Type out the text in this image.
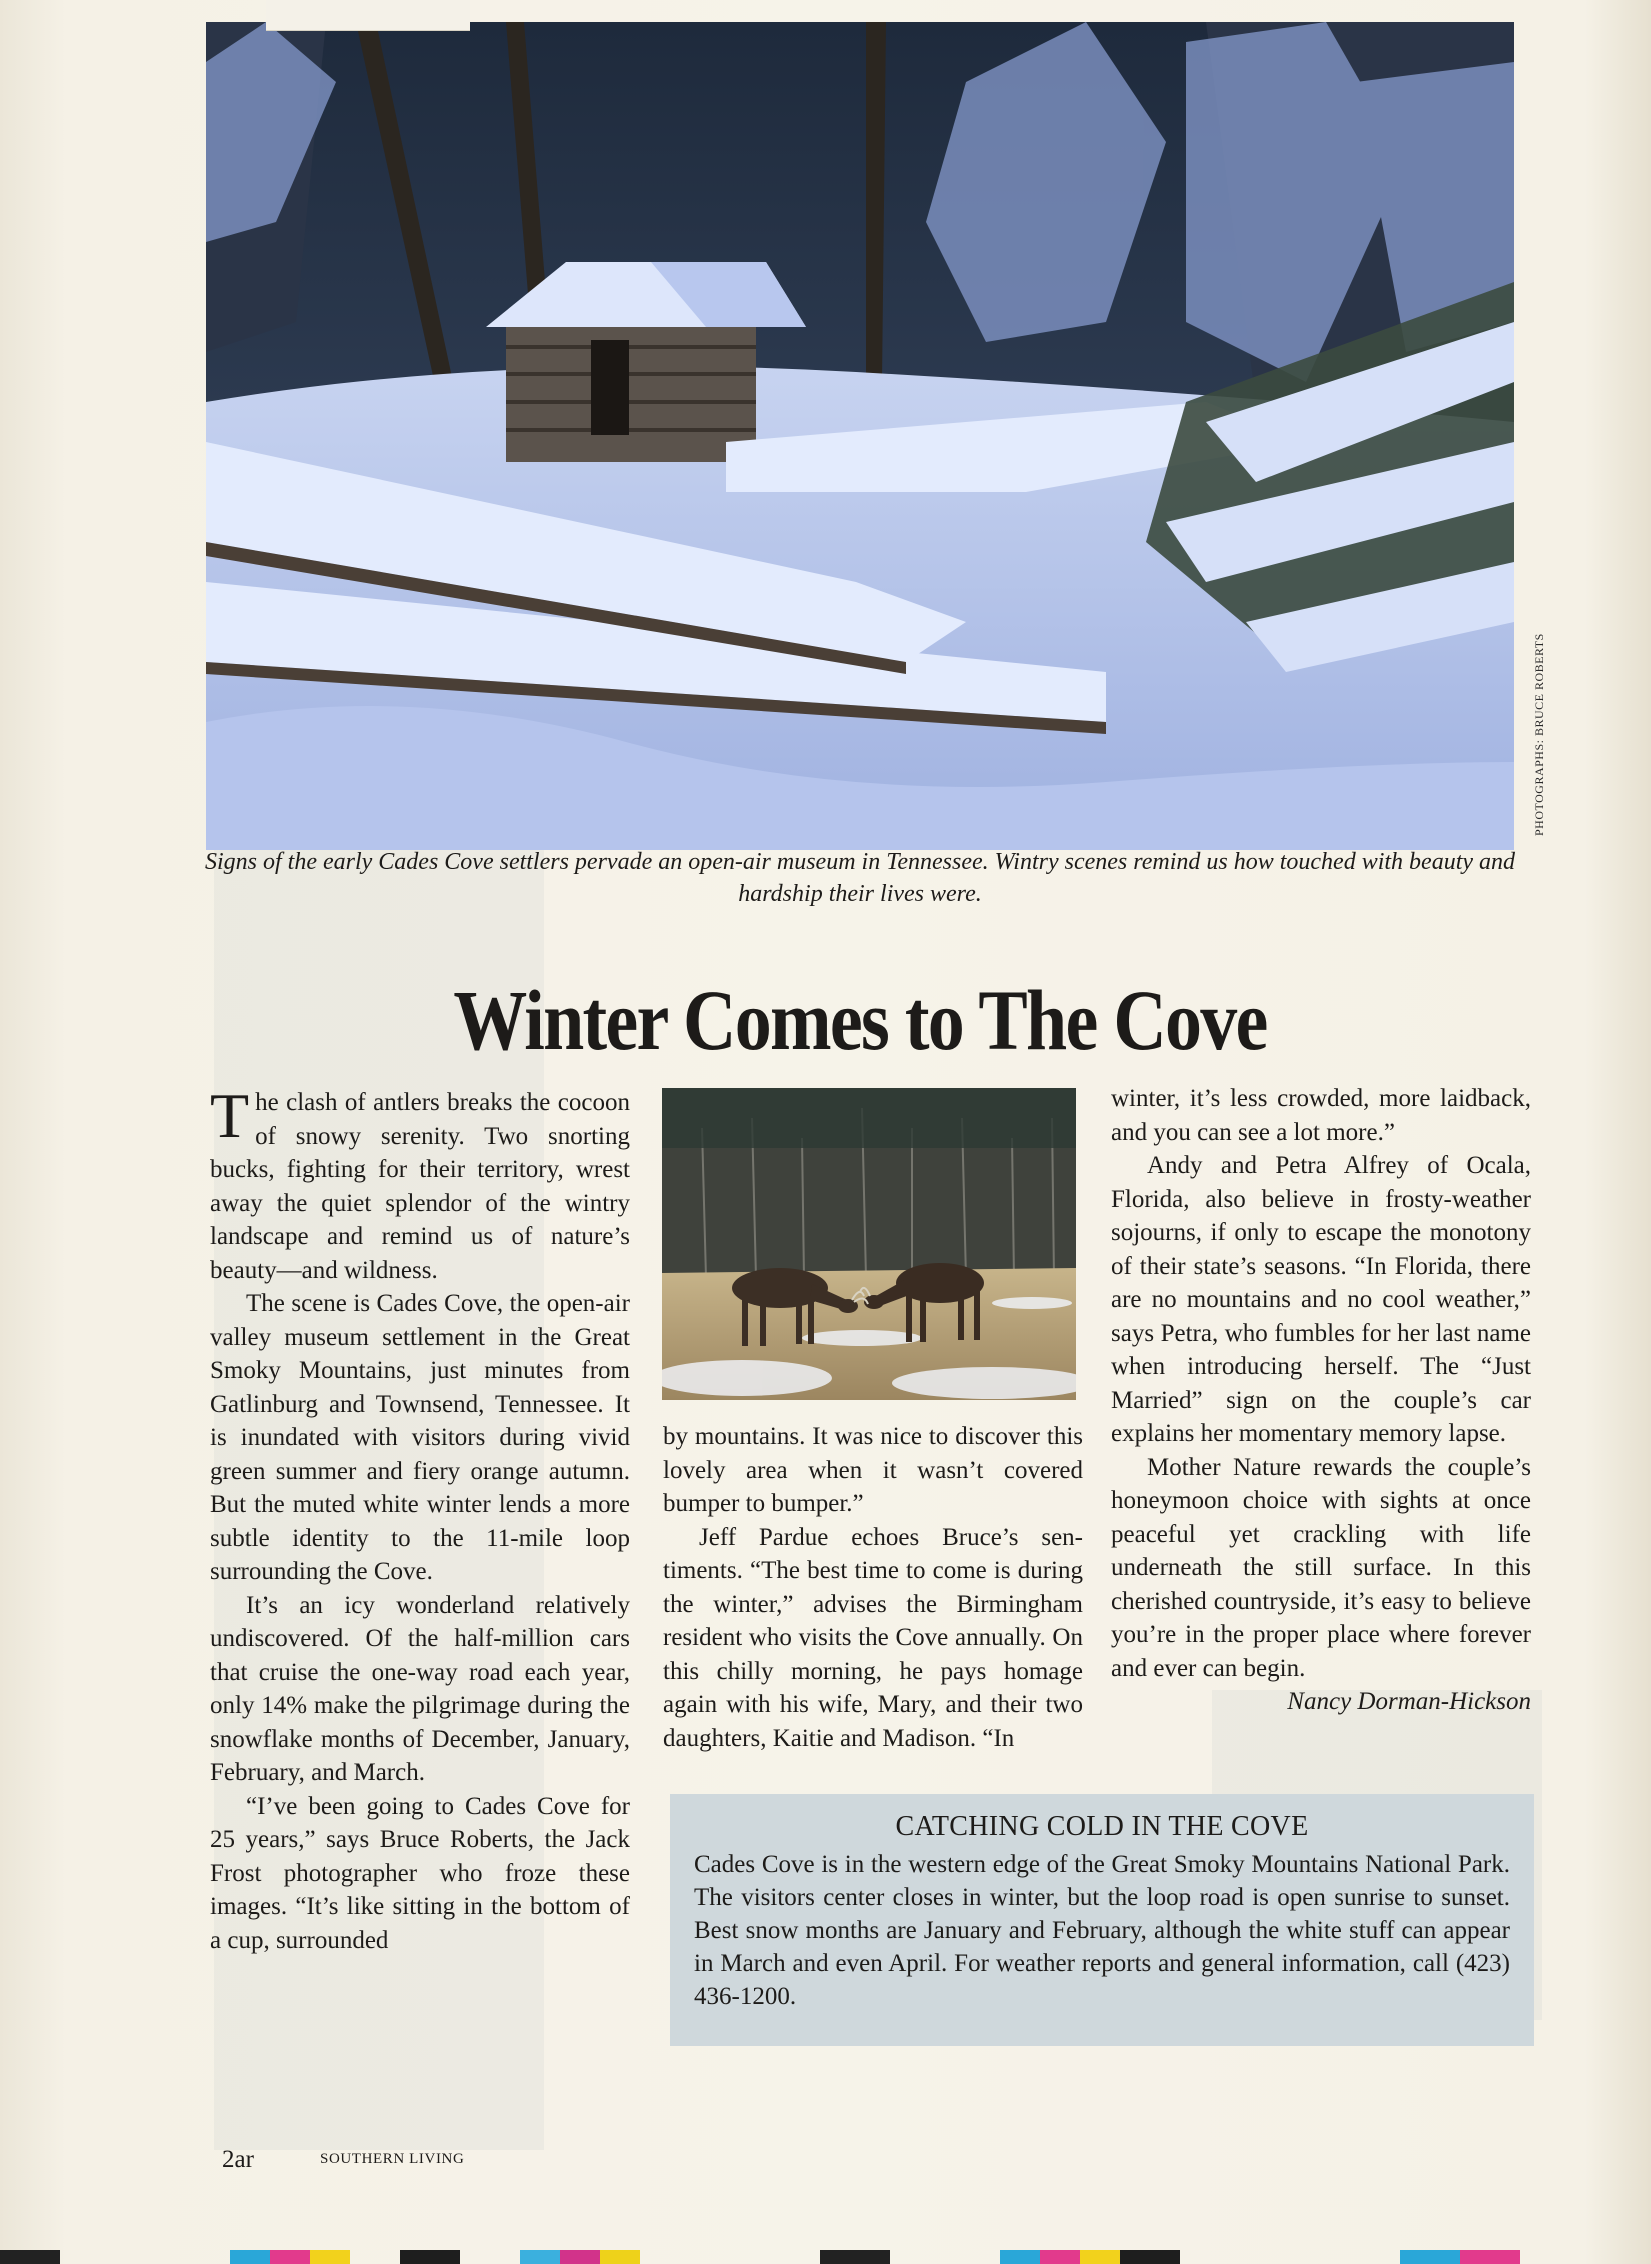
PHOTOGRAPHS: BRUCE ROBERTS
Signs of the early Cades Cove settlers pervade an open-air museum in Tennessee. Wintry scenes remind us how touched with beauty and hardship their lives were.
Winter Comes to The Cove

The clash of antlers breaks the cocoon of snowy serenity. Two snorting bucks, fighting for their territory, wrest away the quiet splendor of the wintry landscape and remind us of nature’s beauty—and wildness.

The scene is Cades Cove, the open-air valley museum settlement in the Great Smoky Mountains, just minutes from Gatlinburg and Townsend, Tennessee. It is inundated with visitors during vivid green summer and fiery orange autumn. But the muted white winter lends a more subtle identity to the 11-mile loop surrounding the Cove.

It’s an icy wonderland relatively undiscovered. Of the half-million cars that cruise the one-way road each year, only 14% make the pilgrimage during the snowflake months of December, January, February, and March.

“I’ve been going to Cades Cove for 25 years,” says Bruce Roberts, the Jack Frost photographer who froze these images. “It’s like sitting in the bottom of a cup, surrounded

by mountains. It was nice to discover this lovely area when it wasn’t covered bumper to bumper.”

Jeff Pardue echoes Bruce’s sentiments. “The best time to come is during the winter,” advises the Birmingham resident who visits the Cove annually. On this chilly morning, he pays homage again with his wife, Mary, and their two daughters, Kaitie and Madison. “In

winter, it’s less crowded, more laidback, and you can see a lot more.”

Andy and Petra Alfrey of Ocala, Florida, also believe in frosty-weather sojourns, if only to escape the monotony of their state’s seasons. “In Florida, there are no mountains and no cool weather,” says Petra, who fumbles for her last name when introducing herself. The “Just Married” sign on the couple’s car explains her momentary memory lapse.

Mother Nature rewards the couple’s honeymoon choice with sights at once peaceful yet crackling with life underneath the still surface. In this cherished countryside, it’s easy to believe you’re in the proper place where forever and ever can begin.
Nancy Dorman-Hickson

CATCHING COLD IN THE COVE

Cades Cove is in the western edge of the Great Smoky Mountains National Park. The visitors center closes in winter, but the loop road is open sunrise to sunset. Best snow months are January and February, although the white stuff can appear in March and even April. For weather reports and general information, call (423) 436-1200.

2ar	SOUTHERN LIVING
